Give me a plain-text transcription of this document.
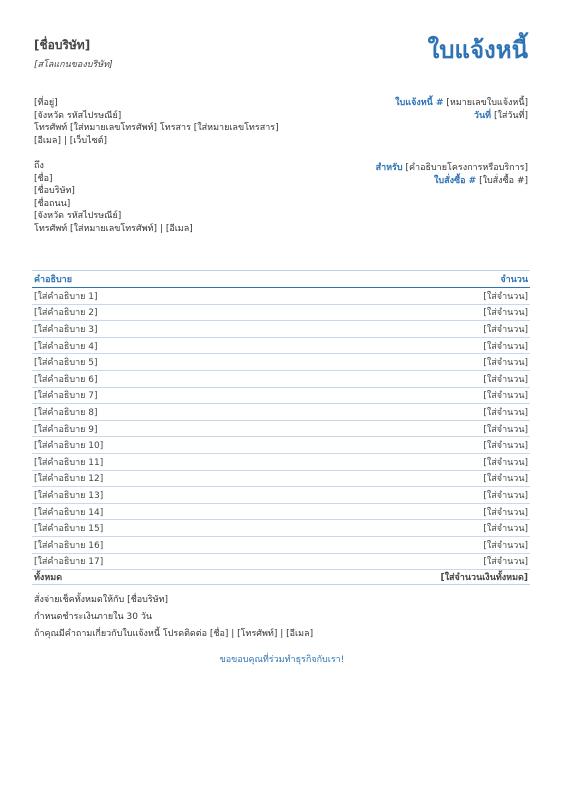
[ชื่อบริษัท]
[สโลแกนของบริษัท]
ใบแจ้งหนี้
[ที่อยู่]
[จังหวัด รหัสไปรษณีย์]
โทรศัพท์ [ใส่หมายเลขโทรศัพท์] โทรสาร [ใส่หมายเลขโทรสาร]
[อีเมล] | [เว็บไซต์]
ใบแจ้งหนี้ # [หมายเลขใบแจ้งหนี้]
วันที่ [ใส่วันที่]
ถึง
[ชื่อ]
[ชื่อบริษัท]
[ชื่อถนน]
[จังหวัด รหัสไปรษณีย์]
โทรศัพท์ [ใส่หมายเลขโทรศัพท์] | [อีเมล]
สำหรับ [คำอธิบายโครงการหรือบริการ]
ใบสั่งซื้อ # [ใบสั่งซื้อ #]
คำอธิบาย	จำนวน
[ใส่คำอธิบาย 1]	[ใส่จำนวน]
[ใส่คำอธิบาย 2]	[ใส่จำนวน]
[ใส่คำอธิบาย 3]	[ใส่จำนวน]
[ใส่คำอธิบาย 4]	[ใส่จำนวน]
[ใส่คำอธิบาย 5]	[ใส่จำนวน]
[ใส่คำอธิบาย 6]	[ใส่จำนวน]
[ใส่คำอธิบาย 7]	[ใส่จำนวน]
[ใส่คำอธิบาย 8]	[ใส่จำนวน]
[ใส่คำอธิบาย 9]	[ใส่จำนวน]
[ใส่คำอธิบาย 10]	[ใส่จำนวน]
[ใส่คำอธิบาย 11]	[ใส่จำนวน]
[ใส่คำอธิบาย 12]	[ใส่จำนวน]
[ใส่คำอธิบาย 13]	[ใส่จำนวน]
[ใส่คำอธิบาย 14]	[ใส่จำนวน]
[ใส่คำอธิบาย 15]	[ใส่จำนวน]
[ใส่คำอธิบาย 16]	[ใส่จำนวน]
[ใส่คำอธิบาย 17]	[ใส่จำนวน]
ทั้งหมด	[ใส่จำนวนเงินทั้งหมด]
สั่งจ่ายเช็คทั้งหมดให้กับ [ชื่อบริษัท]
กำหนดชำระเงินภายใน 30 วัน
ถ้าคุณมีคำถามเกี่ยวกับใบแจ้งหนี้ โปรดติดต่อ [ชื่อ] | [โทรศัพท์] | [อีเมล]
ขอขอบคุณที่ร่วมทำธุรกิจกับเรา!
